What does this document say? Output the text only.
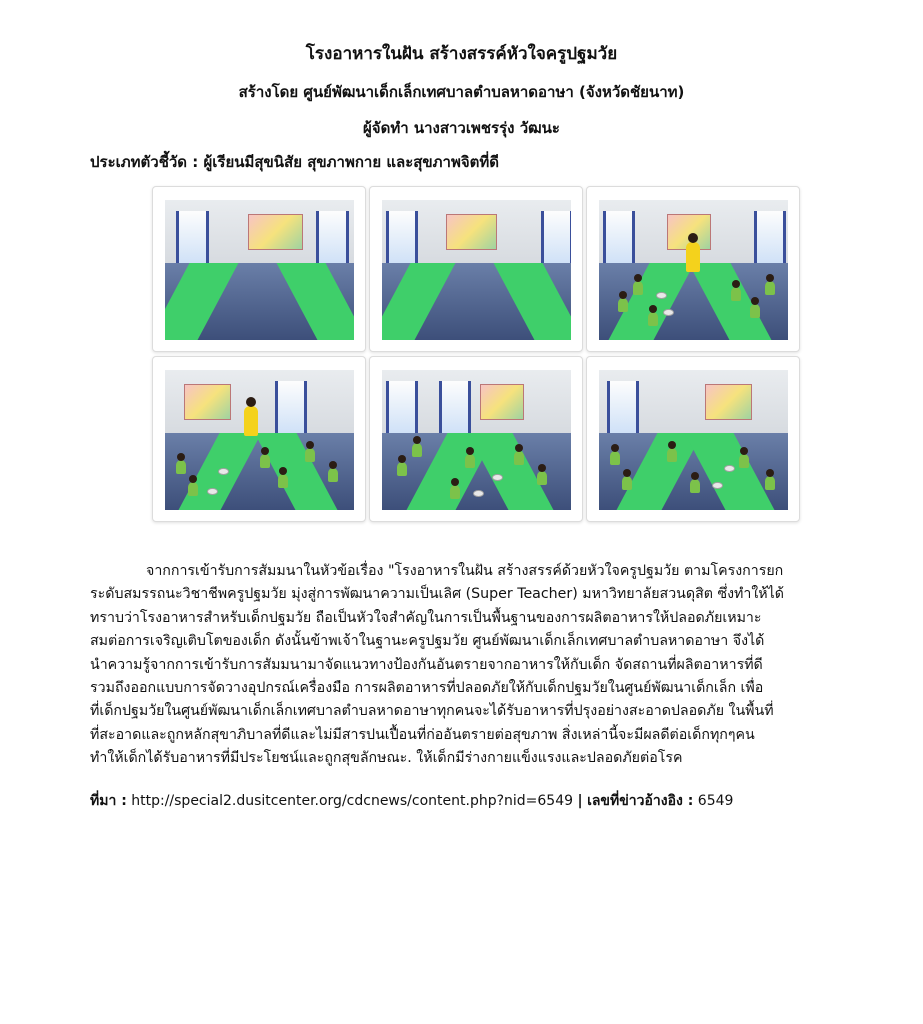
โรงอาหารในฝัน สร้างสรรค์หัวใจครูปฐมวัย
สร้างโดย ศูนย์พัฒนาเด็กเล็กเทศบาลตำบลหาดอาษา (จังหวัดชัยนาท)
ผู้จัดทำ นางสาวเพชรรุ่ง วัฒนะ
ประเภทตัวชี้วัด : ผู้เรียนมีสุขนิสัย สุขภาพกาย และสุขภาพจิตที่ดี
จากการเข้ารับการสัมมนาในหัวข้อเรื่อง "โรงอาหารในฝัน สร้างสรรค์ด้วยหัวใจครูปฐมวัย ตามโครงการยก
ระดับสมรรถนะวิชาชีพครูปฐมวัย มุ่งสู่การพัฒนาความเป็นเลิศ (Super Teacher) มหาวิทยาลัยสวนดุสิต ซึ่งทำให้ได้
ทราบว่าโรงอาหารสำหรับเด็กปฐมวัย ถือเป็นหัวใจสำคัญในการเป็นพื้นฐานของการผลิตอาหารให้ปลอดภัยเหมาะ
สมต่อการเจริญเติบโตของเด็ก ดังนั้นข้าพเจ้าในฐานะครูปฐมวัย ศูนย์พัฒนาเด็กเล็กเทศบาลตำบลหาดอาษา จึงได้
นำความรู้จากการเข้ารับการสัมมนามาจัดแนวทางป้องกันอันตรายจากอาหารให้กับเด็ก จัดสถานที่ผลิตอาหารที่ดี
รวมถึงออกแบบการจัดวางอุปกรณ์เครื่องมือ การผลิตอาหารที่ปลอดภัยให้กับเด็กปฐมวัยในศูนย์พัฒนาเด็กเล็ก เพื่อ
ที่เด็กปฐมวัยในศูนย์พัฒนาเด็กเล็กเทศบาลตำบลหาดอาษาทุกคนจะได้รับอาหารที่ปรุงอย่างสะอาดปลอดภัย ในพื้นที่
ที่สะอาดและถูกหลักสุขาภิบาลที่ดีและไม่มีสารปนเปื้อนที่ก่ออันตรายต่อสุขภาพ สิ่งเหล่านี้จะมีผลดีต่อเด็กทุกๆคน
ทำให้เด็กได้รับอาหารที่มีประโยชน์และถูกสุขลักษณะ. ให้เด็กมีร่างกายแข็งแรงและปลอดภัยต่อโรค
ที่มา : http://special2.dusitcenter.org/cdcnews/content.php?nid=6549 | เลขที่ข่าวอ้างอิง : 6549
